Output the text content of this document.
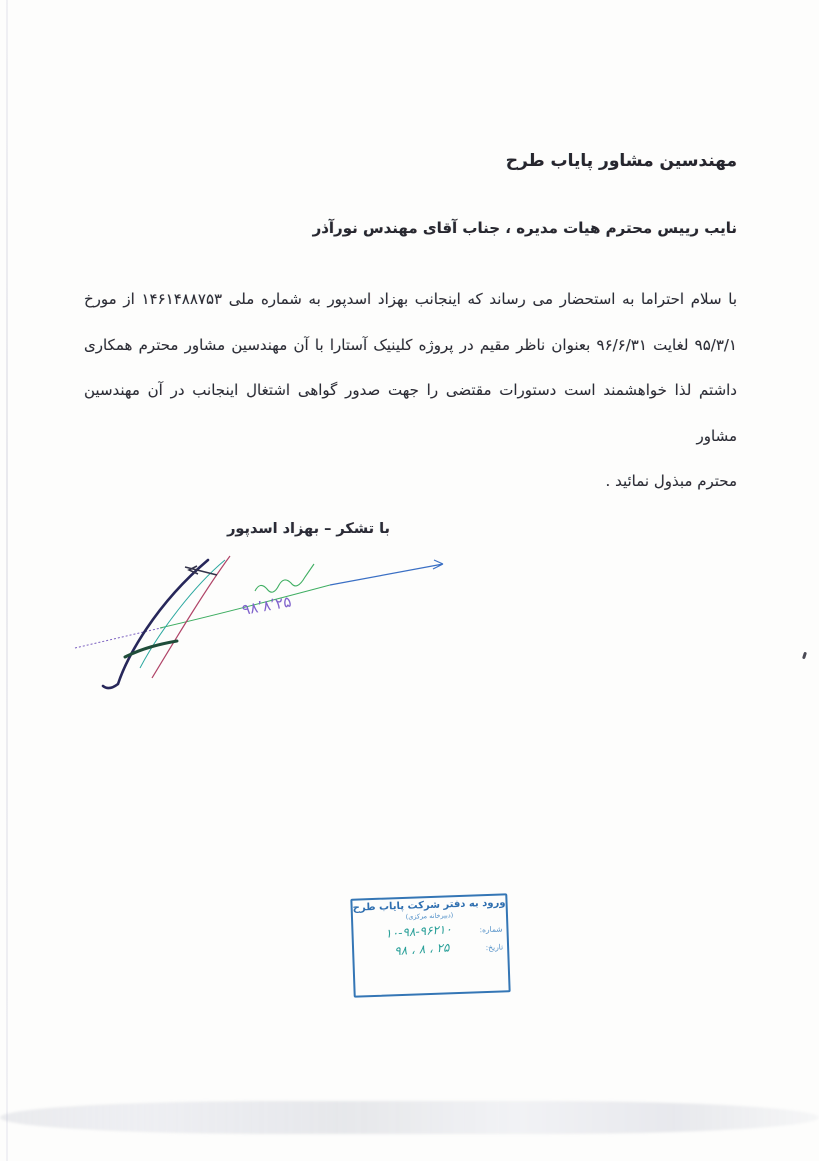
مهندسین مشاور پایاب طرح
نایب رییس محترم هیات مدیره ، جناب آقای مهندس نورآذر
با سلام احتراما به استحضار می رساند که اینجانب بهزاد اسدپور به شماره ملی ۱۴۶۱۴۸۸۷۵۳ از مورخ
۹۵/۳/۱ لغایت ۹۶/۶/۳۱ بعنوان ناظر مقیم در پروژه کلینیک آستارا با آن مهندسین مشاور محترم همکاری
داشتم لذا خواهشمند است دستورات مقتضی را جهت صدور گواهی اشتغال اینجانب در آن مهندسین مشاور
محترم مبذول نمائید .
با تشکر – بهزاد اسدپور
۹۸٬۸٬۲۵
ورود به دفتر شرکت پایاب طرح
(دبیرخانه مرکزی)
شماره:
۱۰-۹۸-۹۶۲۱۰
تاریخ:
۹۸ ، ۸ ، ۲۵
